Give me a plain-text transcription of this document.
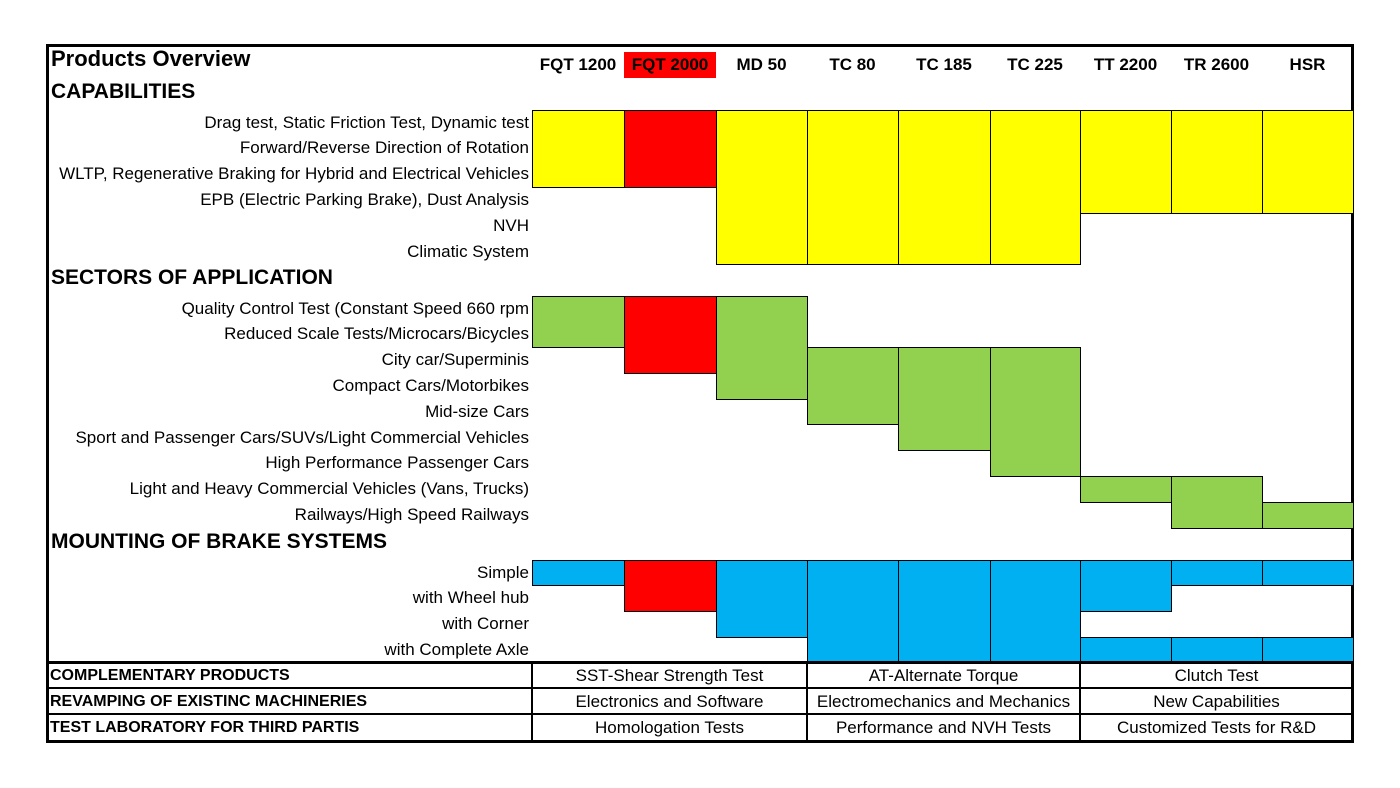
Products Overview	FQT 1200 FQT 2000	MD 50	TC 80	TC 185	TC 225	TT 2200	TR 2600	HSR
CAPABILITIES
SECTORS OF APPLICATION
MOUNTING OF BRAKE SYSTEMS
Drag test, Static Friction Test, Dynamic test
Forward/Reverse Direction of Rotation
WLTP, Regenerative Braking for Hybrid and Electrical Vehicles
EPB (Electric Parking Brake), Dust Analysis
NVH
Climatic System
Quality Control Test (Constant Speed 660 rpm
Reduced Scale Tests/Microcars/Bicycles
City car/Superminis
Compact Cars/Motorbikes
Mid-size Cars
Sport and Passenger Cars/SUVs/Light Commercial Vehicles
High Performance Passenger Cars
Light and Heavy Commercial Vehicles (Vans, Trucks)
Railways/High Speed Railways
Simple
with Wheel hub
with Corner
with Complete Axle
COMPLEMENTARY PRODUCTS	SST-Shear Strength Test	AT-Alternate Torque	Clutch Test
REVAMPING OF EXISTINC MACHINERIES	Electronics and Software	Electromechanics and Mechanics	New Capabilities
TEST LABORATORY FOR THIRD PARTIS	Homologation Tests	Performance and NVH Tests	Customized Tests for R&D
